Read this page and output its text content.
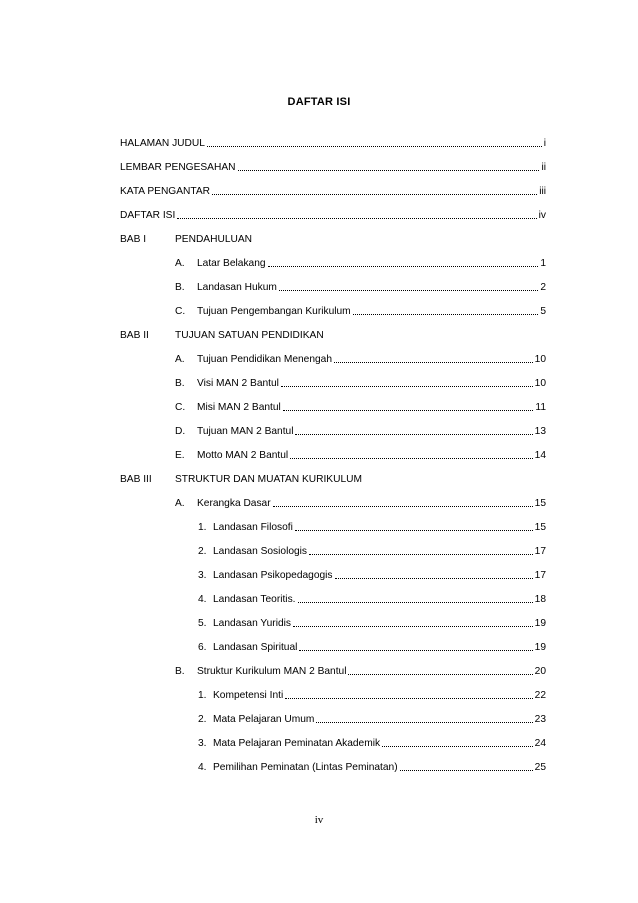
DAFTAR ISI
HALAMAN JUDUL	i
LEMBAR PENGESAHAN	ii
KATA PENGANTAR	iii
DAFTAR ISI	iv
BAB I	PENDAHULUAN
A.	Latar Belakang	1
B.	Landasan Hukum	2
C.	Tujuan Pengembangan Kurikulum	5
BAB II	TUJUAN SATUAN PENDIDIKAN
A.	Tujuan Pendidikan Menengah	10
B.	Visi MAN 2 Bantul	10
C.	Misi MAN 2 Bantul	11
D.	Tujuan MAN 2 Bantul	13
E.	Motto MAN 2 Bantul	14
BAB III STRUKTUR DAN MUATAN KURIKULUM
A.	Kerangka Dasar	15
1. Landasan Filosofi	15
2. Landasan Sosiologis	17
3. Landasan Psikopedagogis	17
4. Landasan Teoritis.	18
5. Landasan Yuridis	19
6. Landasan Spiritual	19
B.	Struktur Kurikulum MAN 2 Bantul	20
1. Kompetensi Inti	22
2. Mata Pelajaran Umum	23
3. Mata Pelajaran Peminatan Akademik	24
4. Pemilihan Peminatan (Lintas Peminatan)	25
iv
